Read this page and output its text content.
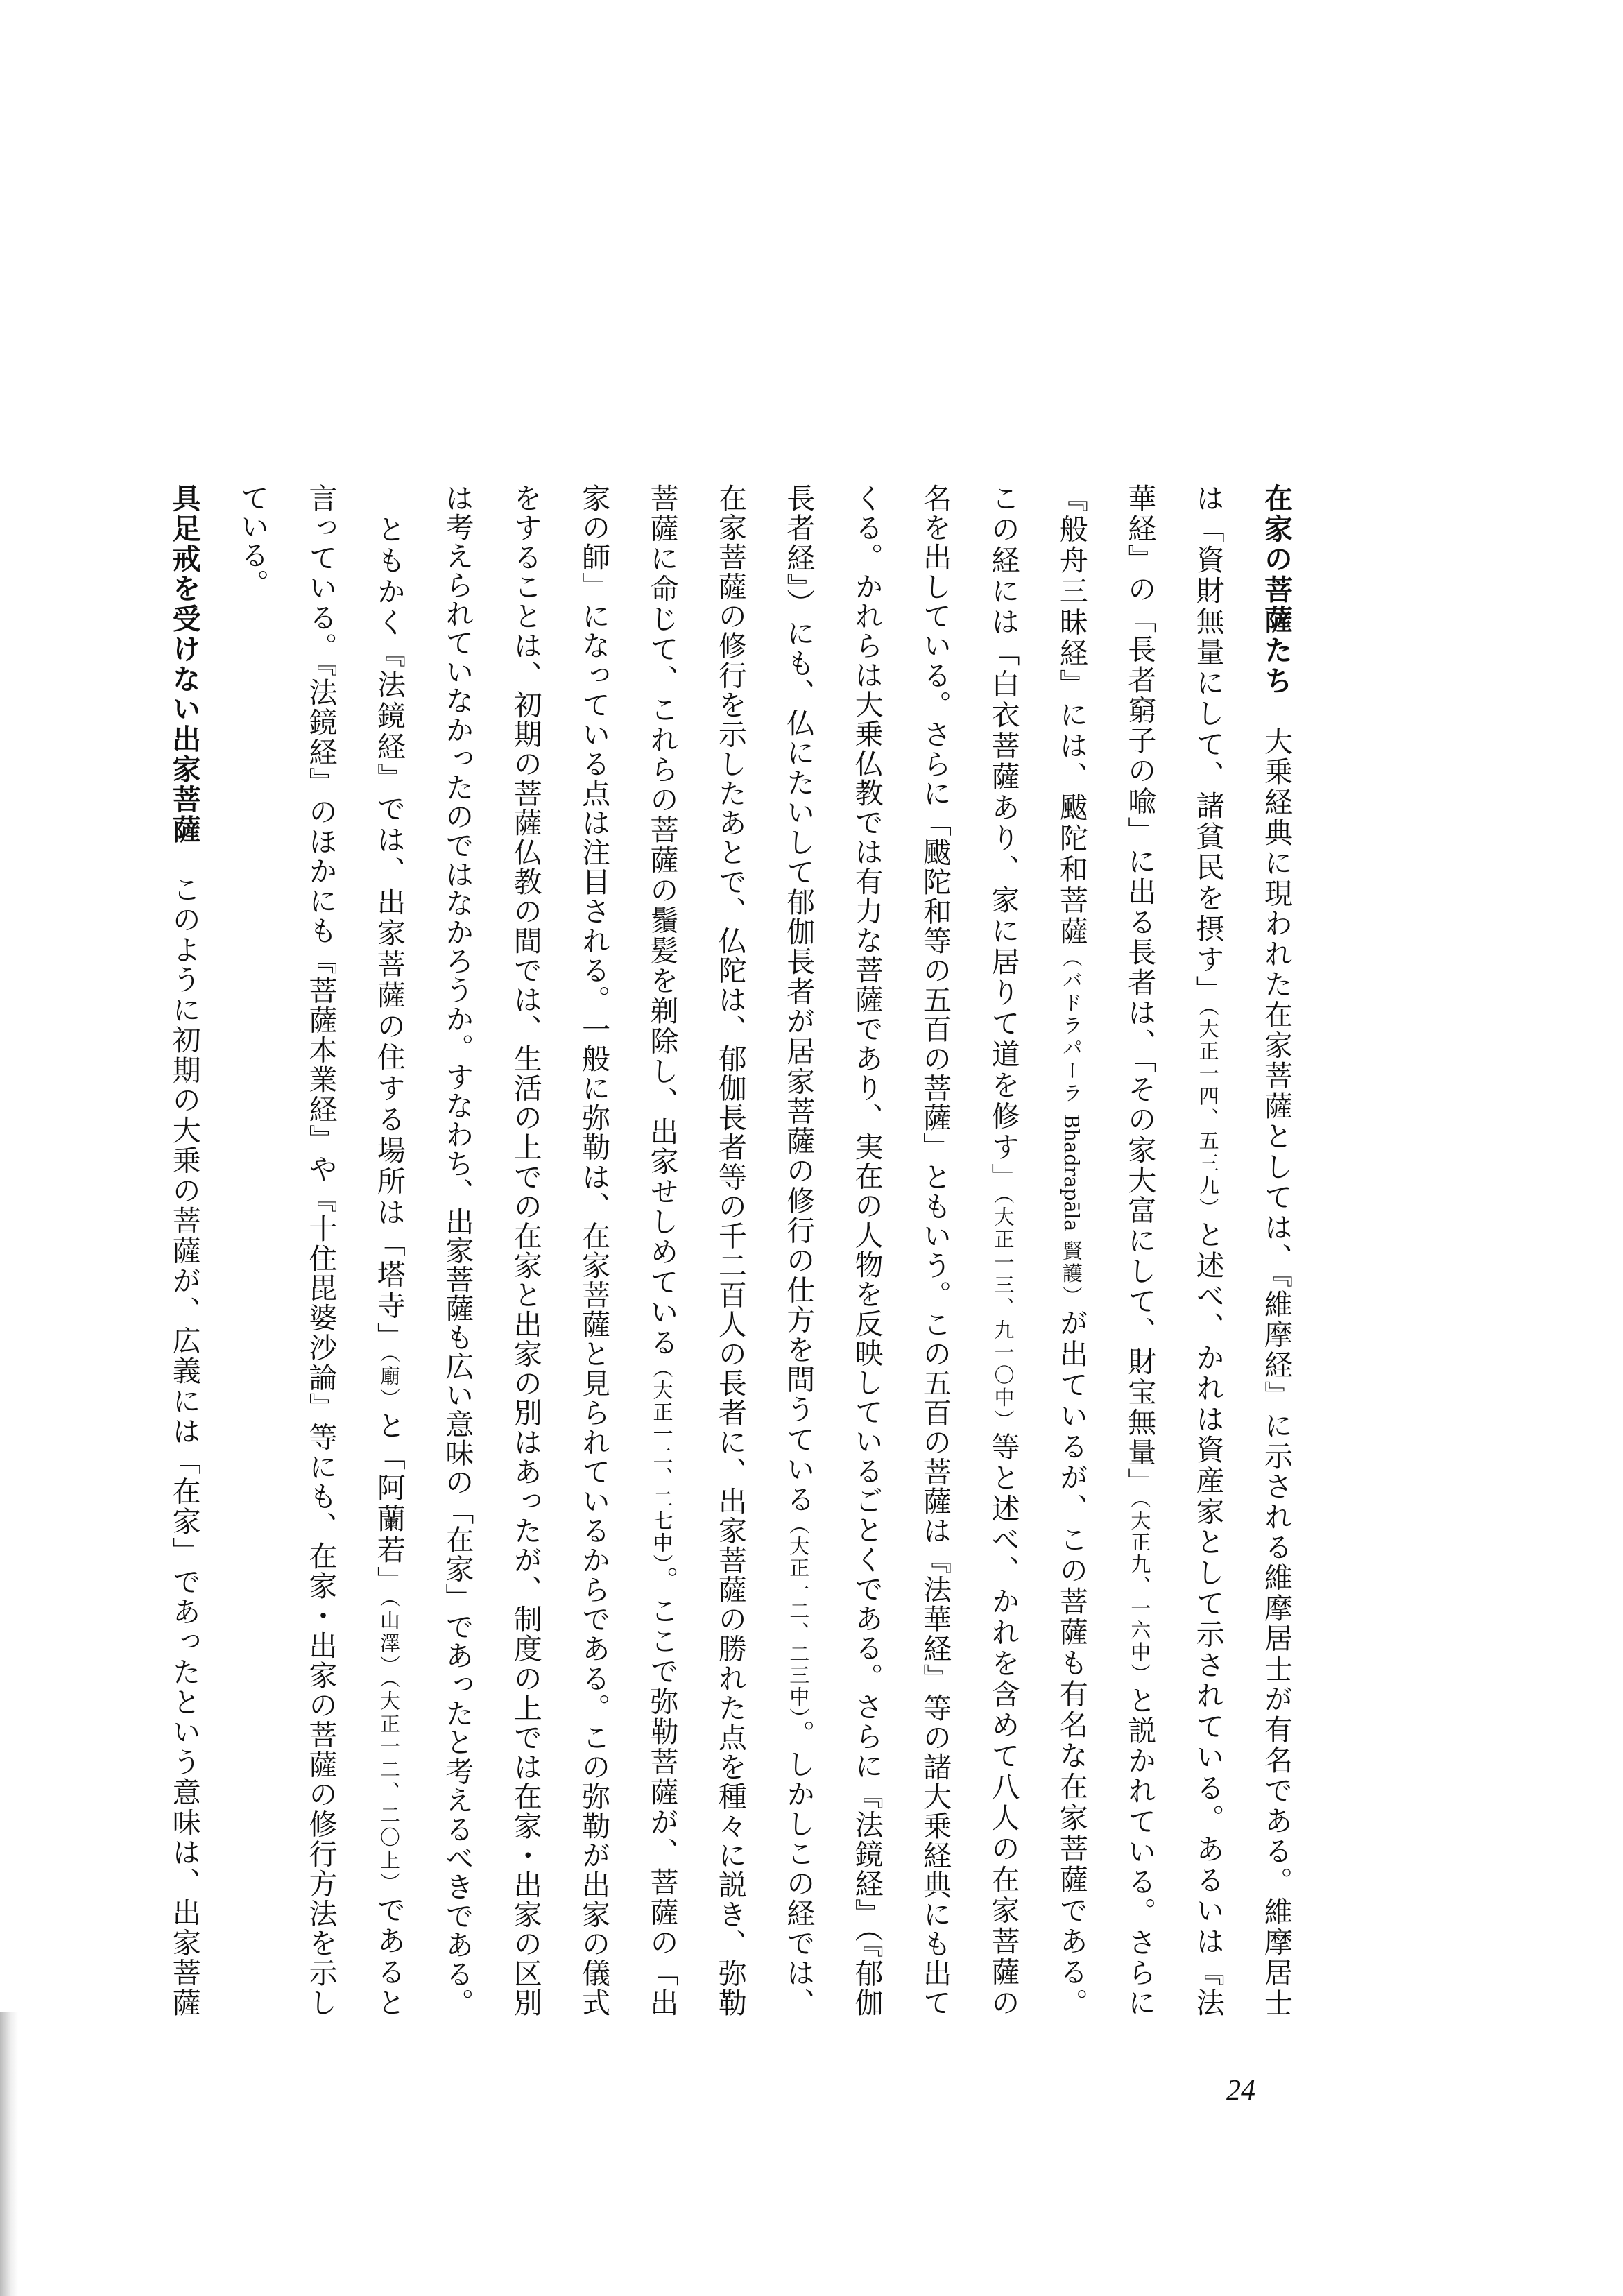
在家の菩薩たち　大乗経典に現われた在家菩薩としては、『維摩経』に示される維摩居士が有名である。維摩居士
は「資財無量にして、諸貧民を摂す」（大正一四、五三九）と述べ、かれは資産家として示されている。あるいは『法
華経』の「長者窮子の喩」に出る長者は、「その家大富にして、財宝無量」（大正九、一六中）と説かれている。さらに
『般舟三昧経』には、颰陀和菩薩（バドラパーラ Bhadrapāla 賢護）が出ているが、この菩薩も有名な在家菩薩である。
この経には「白衣菩薩あり、家に居りて道を修す」（大正一三、九一〇中）等と述べ、かれを含めて八人の在家菩薩の
名を出している。さらに「颰陀和等の五百の菩薩」ともいう。この五百の菩薩は『法華経』等の諸大乗経典にも出て
くる。かれらは大乗仏教では有力な菩薩であり、実在の人物を反映しているごとくである。さらに『法鏡経』（『郁伽
長者経』）にも、仏にたいして郁伽長者が居家菩薩の修行の仕方を問うている（大正一二、二三中）。しかしこの経では、
在家菩薩の修行を示したあとで、仏陀は、郁伽長者等の千二百人の長者に、出家菩薩の勝れた点を種々に説き、弥勒
菩薩に命じて、これらの菩薩の鬚髪を剃除し、出家せしめている（大正一二、二七中）。ここで弥勒菩薩が、菩薩の「出
家の師」になっている点は注目される。一般に弥勒は、在家菩薩と見られているからである。この弥勒が出家の儀式
をすることは、初期の菩薩仏教の間では、生活の上での在家と出家の別はあったが、制度の上では在家・出家の区別
は考えられていなかったのではなかろうか。すなわち、出家菩薩も広い意味の「在家」であったと考えるべきである。
　ともかく『法鏡経』では、出家菩薩の住する場所は「塔寺」（廟）と「阿蘭若」（山澤）（大正一二、二〇上）であると
言っている。『法鏡経』のほかにも『菩薩本業経』や『十住毘婆沙論』等にも、在家・出家の菩薩の修行方法を示し
ている。
具足戒を受けない出家菩薩　このように初期の大乗の菩薩が、広義には「在家」であったという意味は、出家菩薩
24
